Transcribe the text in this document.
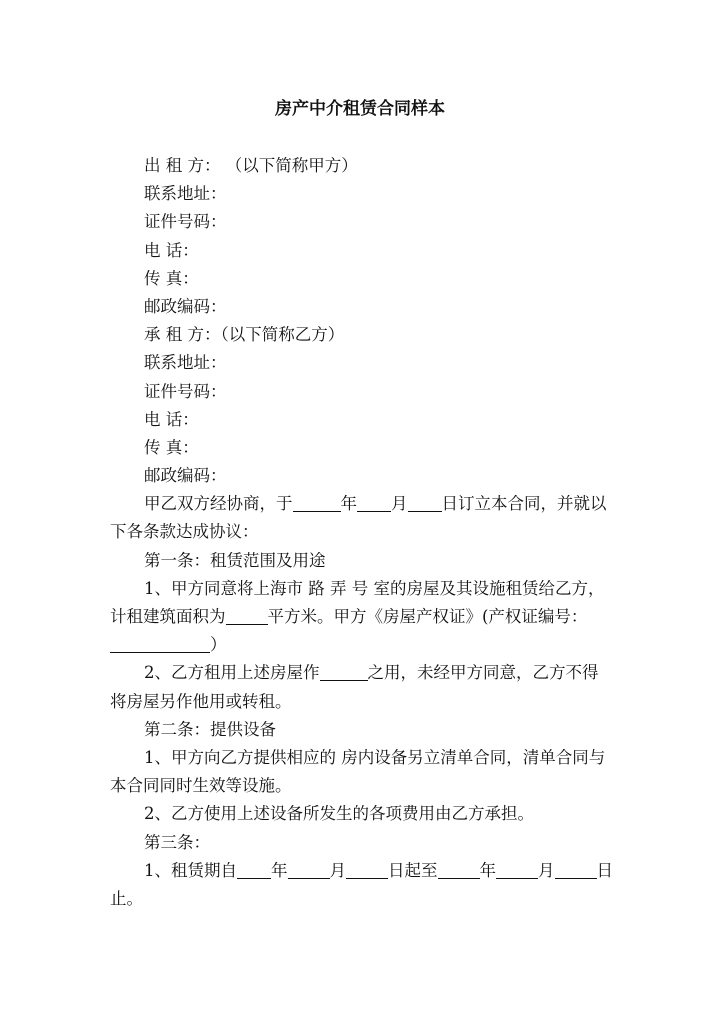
房产中介租赁合同样本
出 租 方： （以下简称甲方）
联系地址：
证件号码：
电 话：
传 真：
邮政编码：
承 租 方：（以下简称乙方）
联系地址：
证件号码：
电 话：
传 真：
邮政编码：
甲乙双方经协商，于	年 月 日订立本合同，并就以
下各条款达成协议：
第一条：租赁范围及用途
1、甲方同意将上海市 路 弄 号 室的房屋及其设施租赁给乙方，
计租建筑面积为	平方米。甲方《房屋产权证》(产权证编号：
）
2、乙方租用上述房屋作	之用，未经甲方同意，乙方不得
将房屋另作他用或转租。
第二条：提供设备
1、甲方向乙方提供相应的 房内设备另立清单合同，清单合同与
本合同同时生效等设施。
2、乙方使用上述设备所发生的各项费用由乙方承担。
第三条：
1、租赁期自 年	月	日起至	年	月	日
止。
